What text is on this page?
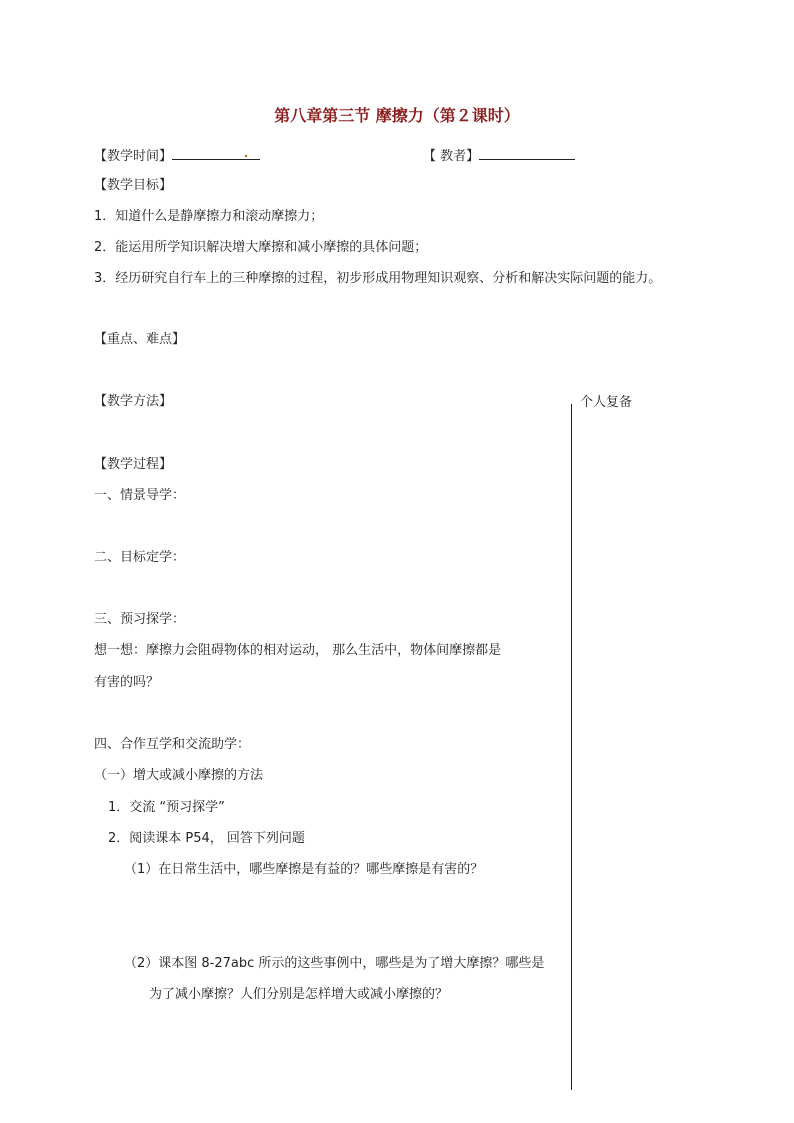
第八章第三节 摩擦力（第２课时）
【教学时间】	【 教者】
【教学目标】
1．知道什么是静摩擦力和滚动摩擦力；
2．能运用所学知识解决增大摩擦和减小摩擦的具体问题；
3．经历研究自行车上的三种摩擦的过程，初步形成用物理知识观察、分析和解决实际问题的能力。
【重点、难点】
【教学方法】	个人复备
【教学过程】
一、情景导学：
二、目标定学：
三、预习探学：
想一想：摩擦力会阻碍物体的相对运动， 那么生活中，物体间摩擦都是
有害的吗？
四、合作互学和交流助学：
（一）增大或减小摩擦的方法
1．交流 “预习探学”
2．阅读课本 P54， 回答下列问题
（1）在日常生活中，哪些摩擦是有益的？哪些摩擦是有害的？
（2）课本图 8-27abc 所示的这些事例中，哪些是为了增大摩擦？哪些是
为了减小摩擦？人们分别是怎样增大或减小摩擦的？
